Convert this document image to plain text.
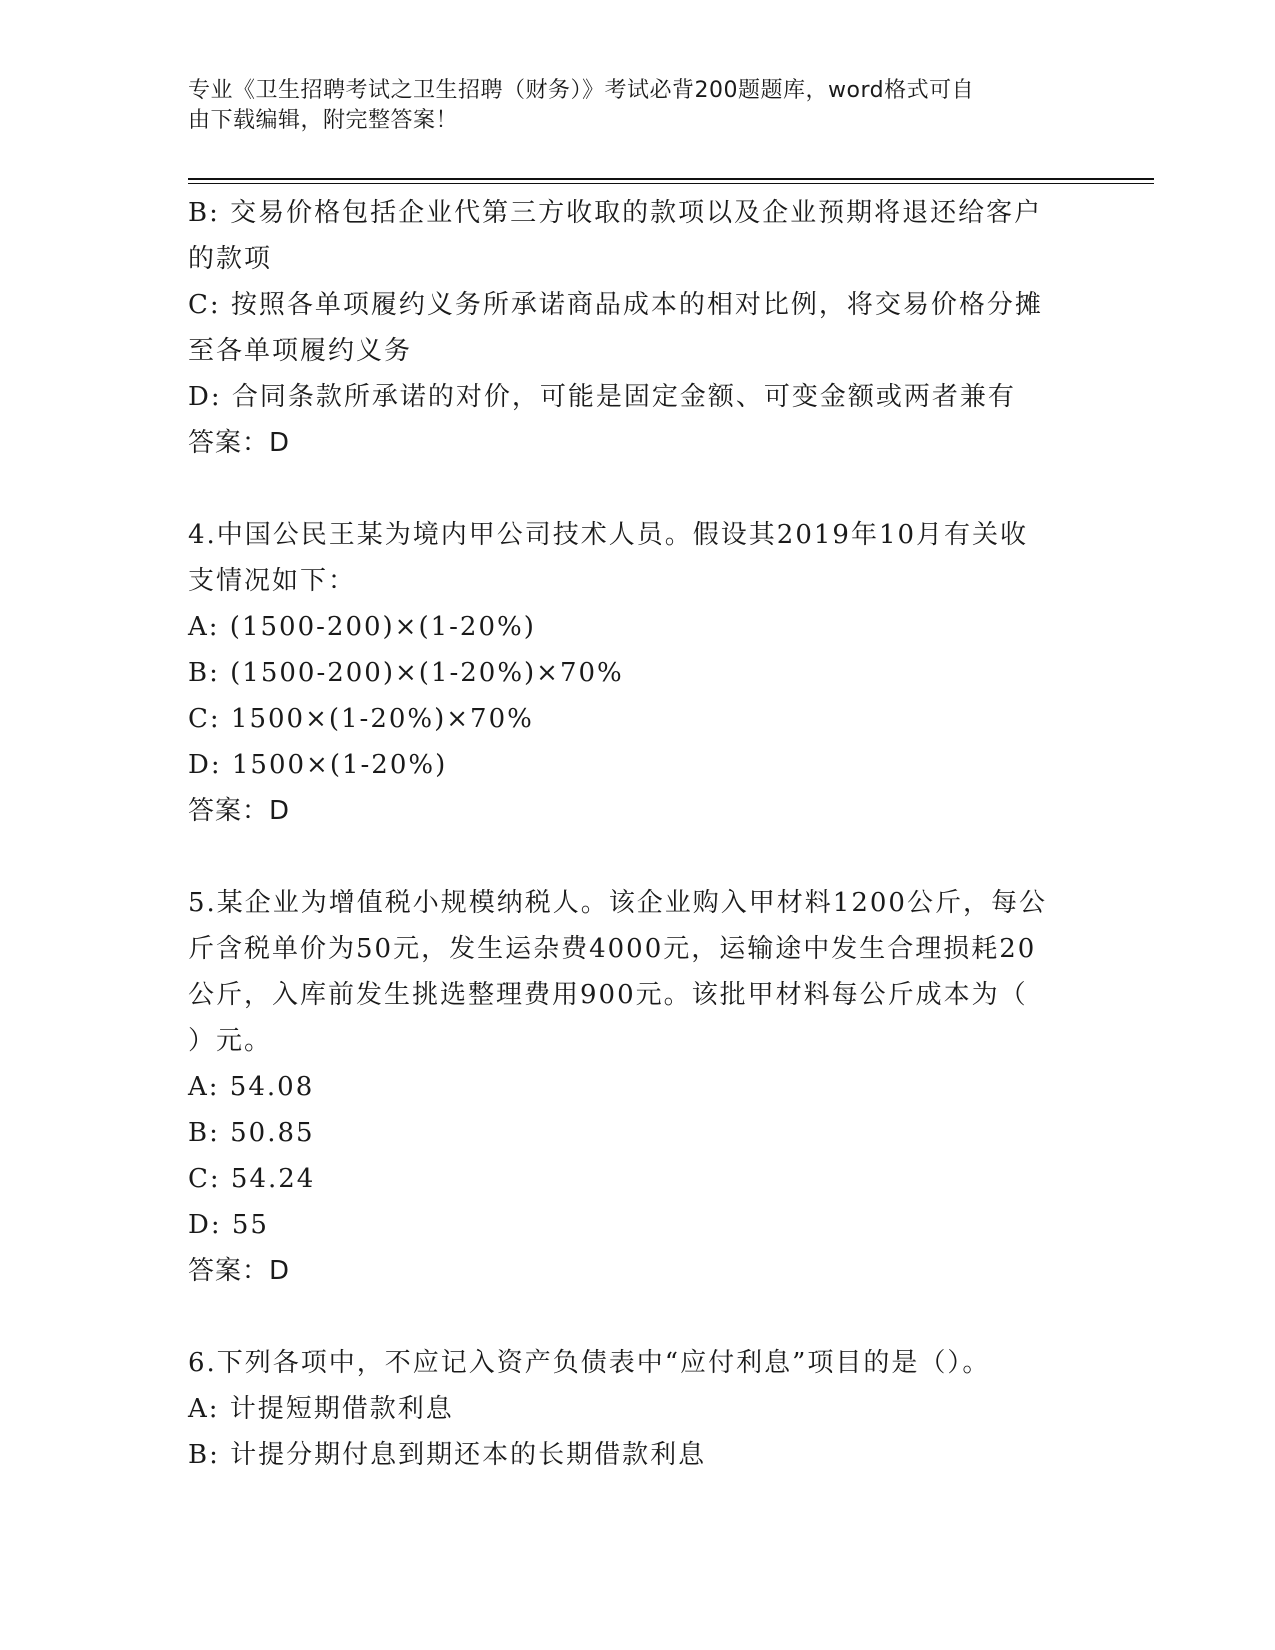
专业《卫生招聘考试之卫生招聘（财务）》考试必背200题题库，word格式可自
由下载编辑，附完整答案！
B: 交易价格包括企业代第三方收取的款项以及企业预期将退还给客户
的款项
C: 按照各单项履约义务所承诺商品成本的相对比例，将交易价格分摊
至各单项履约义务
D: 合同条款所承诺的对价，可能是固定金额、可变金额或两者兼有
答案：D
4.中国公民王某为境内甲公司技术人员。假设其2019年10月有关收
支情况如下：
A: (1500-200)×(1-20%)
B: (1500-200)×(1-20%)×70%
C: 1500×(1-20%)×70%
D: 1500×(1-20%)
答案：D
5.某企业为增值税小规模纳税人。该企业购入甲材料1200公斤，每公
斤含税单价为50元，发生运杂费4000元，运输途中发生合理损耗20
公斤，入库前发生挑选整理费用900元。该批甲材料每公斤成本为（
）元。
A: 54.08
B: 50.85
C: 54.24
D: 55
答案：D
6.下列各项中，不应记入资产负债表中“应付利息”项目的是（）。
A: 计提短期借款利息
B: 计提分期付息到期还本的长期借款利息
